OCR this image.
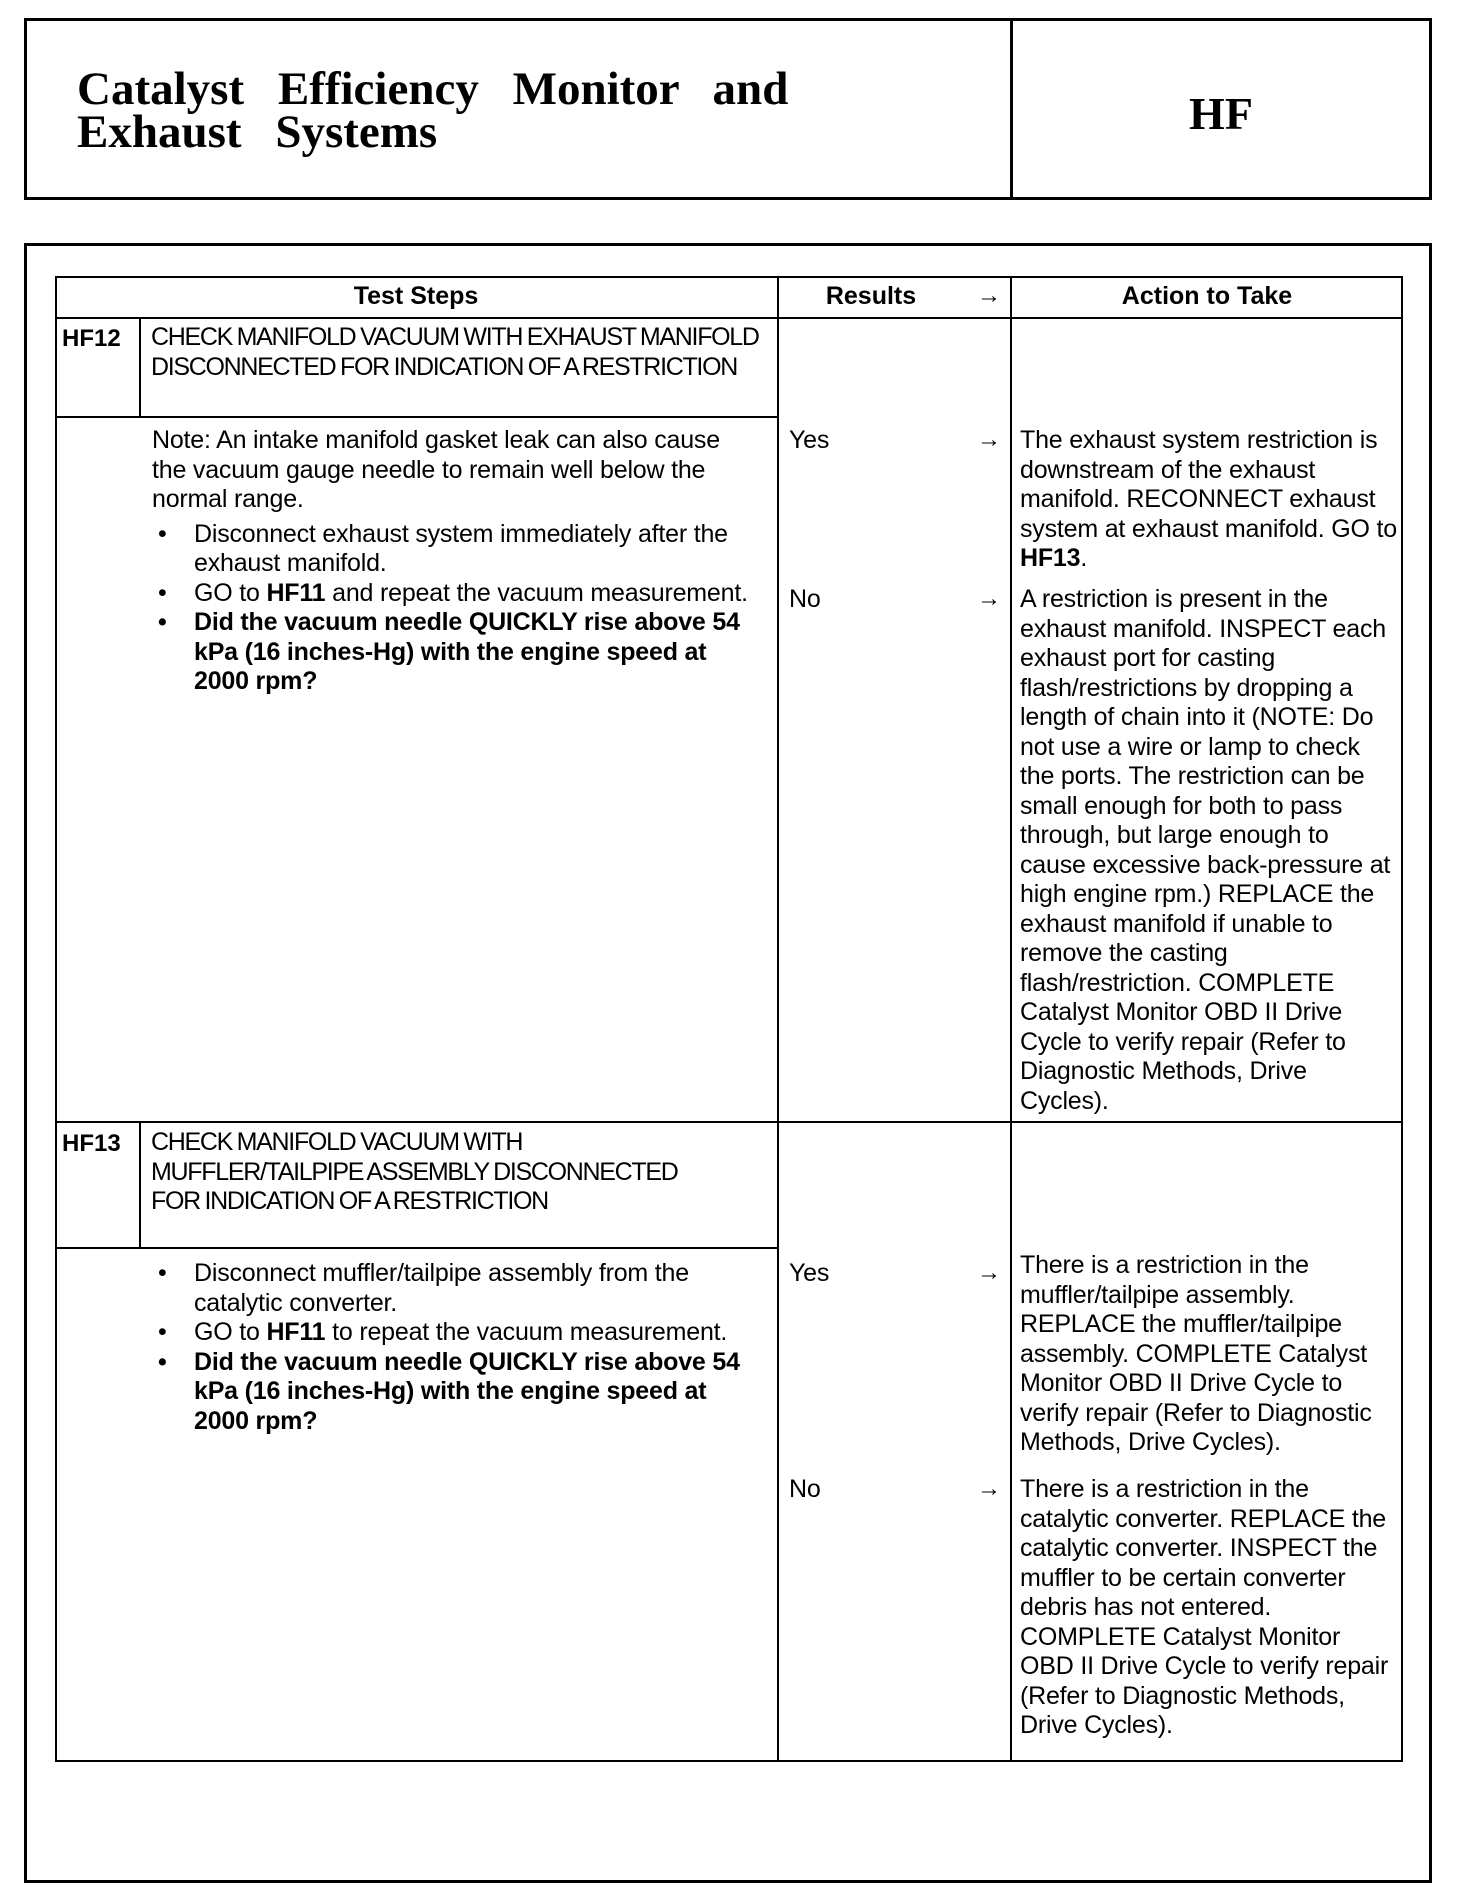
Catalyst Efficiency Monitor and
Exhaust Systems	HF
Test Steps	Results	→	Action to Take
HF12 CHECK MANIFOLD VACUUM WITH EXHAUST MANIFOLD DISCONNECTED FOR INDICATION OF A RESTRICTION
Note: An intake manifold gasket leak can also cause the vacuum gauge needle to remain well below the normal range.
• Disconnect exhaust system immediately after the exhaust manifold.
• GO to HF11 and repeat the vacuum measurement.
• Did the vacuum needle QUICKLY rise above 54 kPa (16 inches-Hg) with the engine speed at 2000 rpm?
Yes	→ The exhaust system restriction is downstream of the exhaust manifold. RECONNECT exhaust system at exhaust manifold. GO to HF13.
No	→ A restriction is present in the exhaust manifold. INSPECT each exhaust port for casting flash/restrictions by dropping a length of chain into it (NOTE: Do not use a wire or lamp to check the ports. The restriction can be small enough for both to pass through, but large enough to cause excessive back-pressure at high engine rpm.) REPLACE the exhaust manifold if unable to remove the casting flash/restriction. COMPLETE Catalyst Monitor OBD II Drive Cycle to verify repair (Refer to Diagnostic Methods, Drive Cycles).
HF13 CHECK MANIFOLD VACUUM WITH MUFFLER/TAILPIPE ASSEMBLY DISCONNECTED FOR INDICATION OF A RESTRICTION
• Disconnect muffler/tailpipe assembly from the catalytic converter.
• GO to HF11 to repeat the vacuum measurement.
• Did the vacuum needle QUICKLY rise above 54 kPa (16 inches-Hg) with the engine speed at 2000 rpm?
Yes	→ There is a restriction in the muffler/tailpipe assembly. REPLACE the muffler/tailpipe assembly. COMPLETE Catalyst Monitor OBD II Drive Cycle to verify repair (Refer to Diagnostic Methods, Drive Cycles).
No	→ There is a restriction in the catalytic converter. REPLACE the catalytic converter. INSPECT the muffler to be certain converter debris has not entered. COMPLETE Catalyst Monitor OBD II Drive Cycle to verify repair (Refer to Diagnostic Methods, Drive Cycles).
